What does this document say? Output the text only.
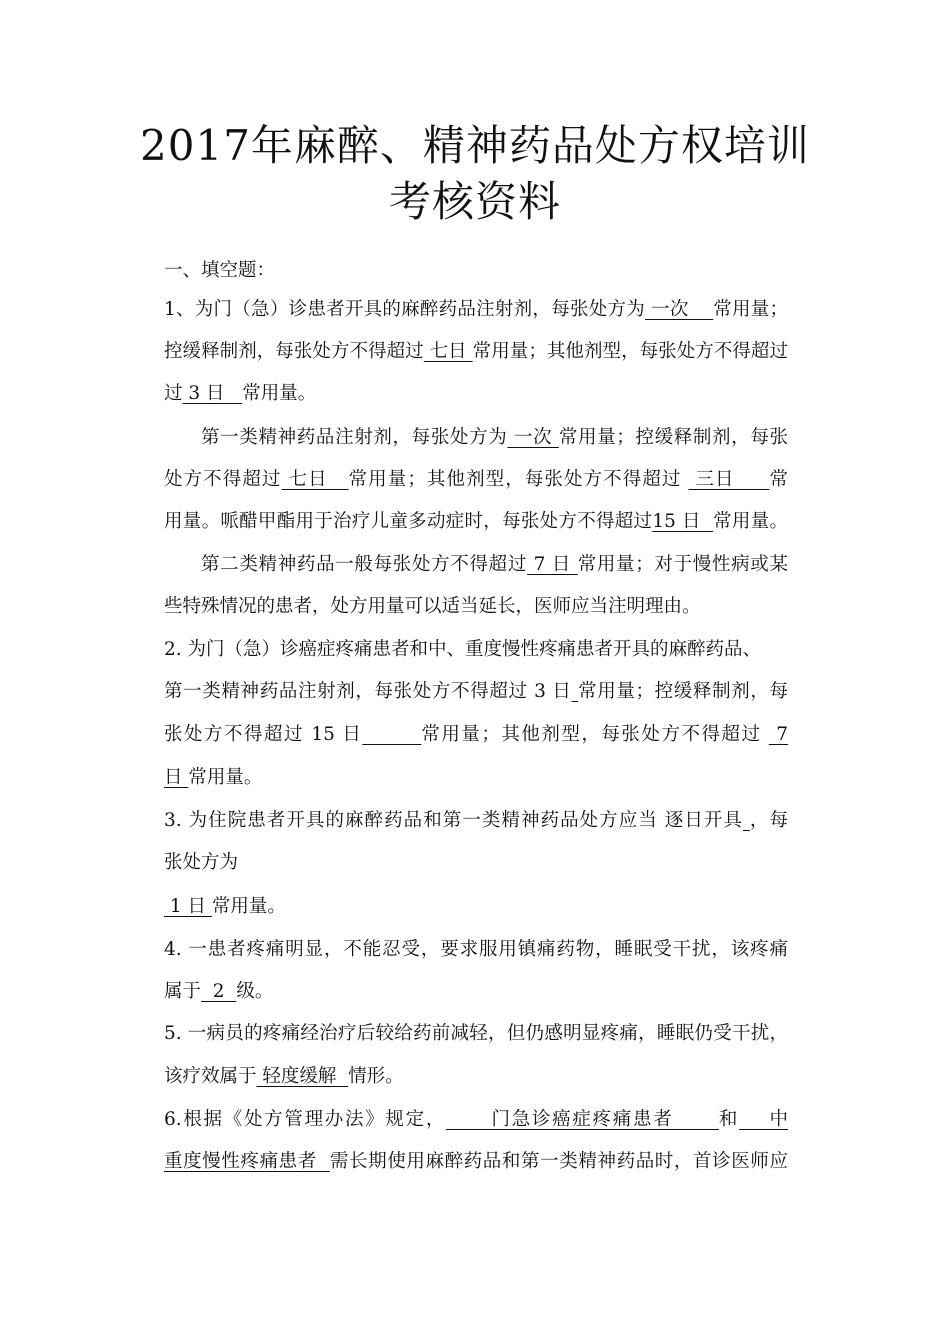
2017年麻醉、精神药品处方权培训
考核资料

一、填空题：

1、为门（急）诊患者开具的麻醉药品注射剂，每张处方为 一次    常用量；

控缓释制剂，每张处方不得超过 七日 常用量；其他剂型，每张处方不得超过

过 3 日   常用量。

第一类精神药品注射剂，每张处方为 一次 常用量；控缓释制剂，每张

处方不得超过 七日   常用量；其他剂型，每张处方不得超过  三日     常

用量。哌醋甲酯用于治疗儿童多动症时，每张处方不得超过15 日  常用量。

第二类精神药品一般每张处方不得超过 7 日 常用量；对于慢性病或某

些特殊情况的患者，处方用量可以适当延长，医师应当注明理由。

2. 为门（急）诊癌症疼痛患者和中、重度慢性疼痛患者开具的麻醉药品、

第一类精神药品注射剂，每张处方不得超过 3 日 常用量；控缓释制剂，每

张处方不得超过 15 日	常用量；其他剂型，每张处方不得超过  7

日 常用量。

3. 为住院患者开具的麻醉药品和第一类精神药品处方应当 逐日开具 ，每

张处方为

1 日 常用量。

4. 一患者疼痛明显，不能忍受，要求服用镇痛药物，睡眠受干扰，该疼痛

属于  2  级。

5. 一病员的疼痛经治疗后较给药前减轻，但仍感明显疼痛，睡眠仍受干扰，

该疗效属于 轻度缓解  情形。

6.根据《处方管理办法》规定，      门急诊癌症疼痛患者      和    中

重度慢性疼痛患者  需长期使用麻醉药品和第一类精神药品时，首诊医师应
